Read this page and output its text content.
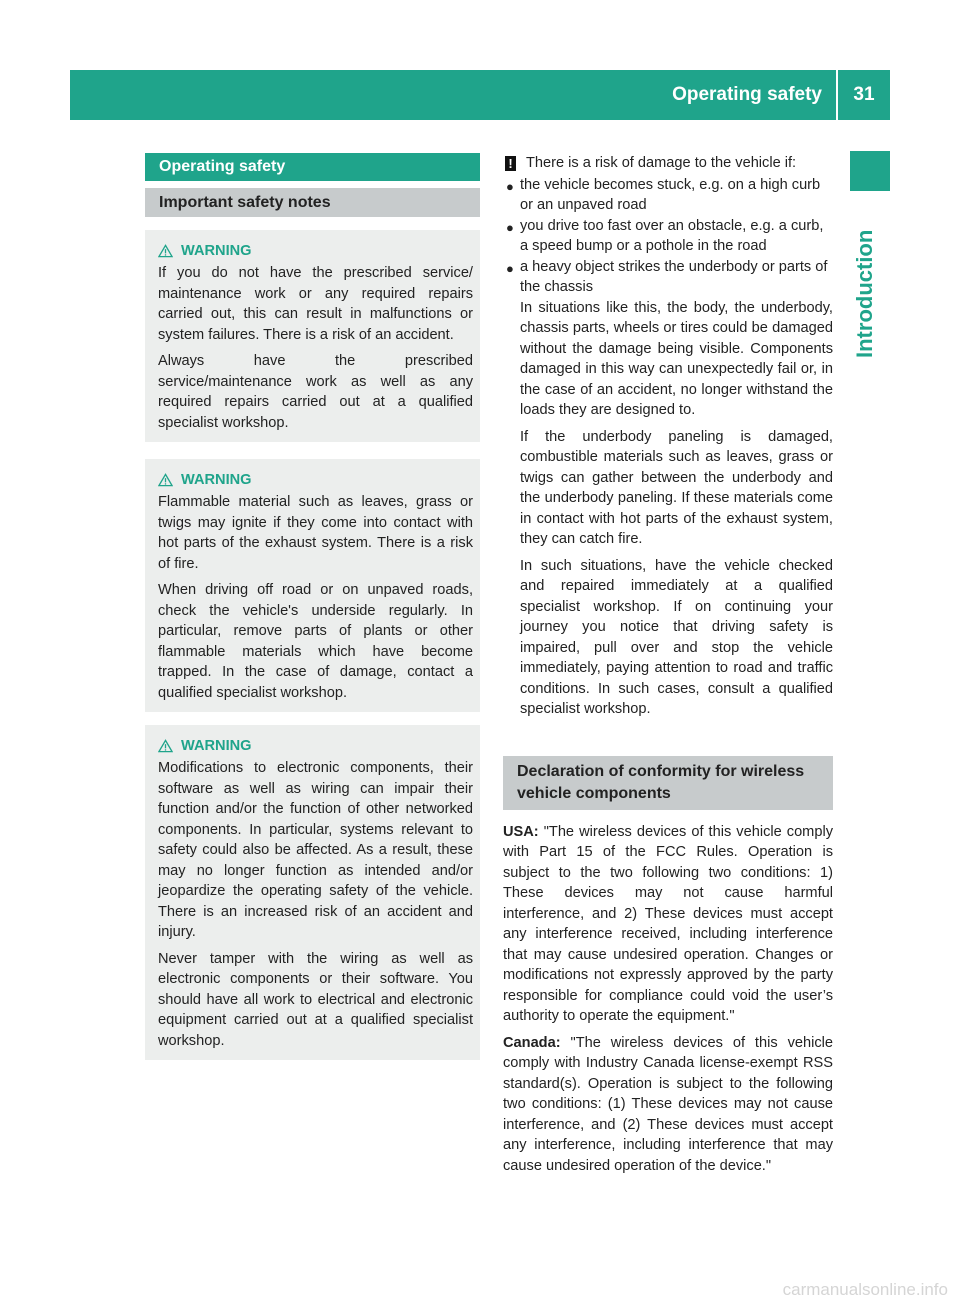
Operating safety	31
Introduction
Operating safety
Important safety notes
WARNING

If you do not have the prescribed service/ maintenance work or any required repairs carried out, this can result in malfunctions or system failures. There is a risk of an accident.

Always have the prescribed service/maintenance work as well as any required repairs carried out at a qualified specialist workshop.

WARNING

Flammable material such as leaves, grass or twigs may ignite if they come into contact with hot parts of the exhaust system. There is a risk of fire.

When driving off road or on unpaved roads, check the vehicle's underside regularly. In particular, remove parts of plants or other flammable materials which have become trapped. In the case of damage, contact a qualified specialist workshop.

WARNING

Modifications to electronic components, their software as well as wiring can impair their function and/or the function of other networked components. In particular, systems relevant to safety could also be affected. As a result, these may no longer function as intended and/or jeopardize the operating safety of the vehicle. There is an increased risk of an accident and injury.

Never tamper with the wiring as well as electronic components or their software. You should have all work to electrical and electronic equipment carried out at a qualified specialist workshop.

! There is a risk of damage to the vehicle if:
● the vehicle becomes stuck, e.g. on a high curb or an unpaved road
● you drive too fast over an obstacle, e.g. a curb, a speed bump or a pothole in the road
● a heavy object strikes the underbody or parts of the chassis

In situations like this, the body, the underbody, chassis parts, wheels or tires could be damaged without the damage being visible. Components damaged in this way can unexpectedly fail or, in the case of an accident, no longer withstand the loads they are designed to.

If the underbody paneling is damaged, combustible materials such as leaves, grass or twigs can gather between the underbody and the underbody paneling. If these materials come in contact with hot parts of the exhaust system, they can catch fire.

In such situations, have the vehicle checked and repaired immediately at a qualified specialist workshop. If on continuing your journey you notice that driving safety is impaired, pull over and stop the vehicle immediately, paying attention to road and traffic conditions. In such cases, consult a qualified specialist workshop.

Declaration of conformity for wireless vehicle components

USA: "The wireless devices of this vehicle comply with Part 15 of the FCC Rules. Operation is subject to the two following two conditions: 1) These devices may not cause harmful interference, and 2) These devices must accept any interference received, including interference that may cause undesired operation. Changes or modifications not expressly approved by the party responsible for compliance could void the user’s authority to operate the equipment."

Canada: "The wireless devices of this vehicle comply with Industry Canada license-exempt RSS standard(s). Operation is subject to the following two conditions: (1) These devices may not cause interference, and (2) These devices must accept any interference, including interference that may cause undesired operation of the device."

carmanualsonline.info
